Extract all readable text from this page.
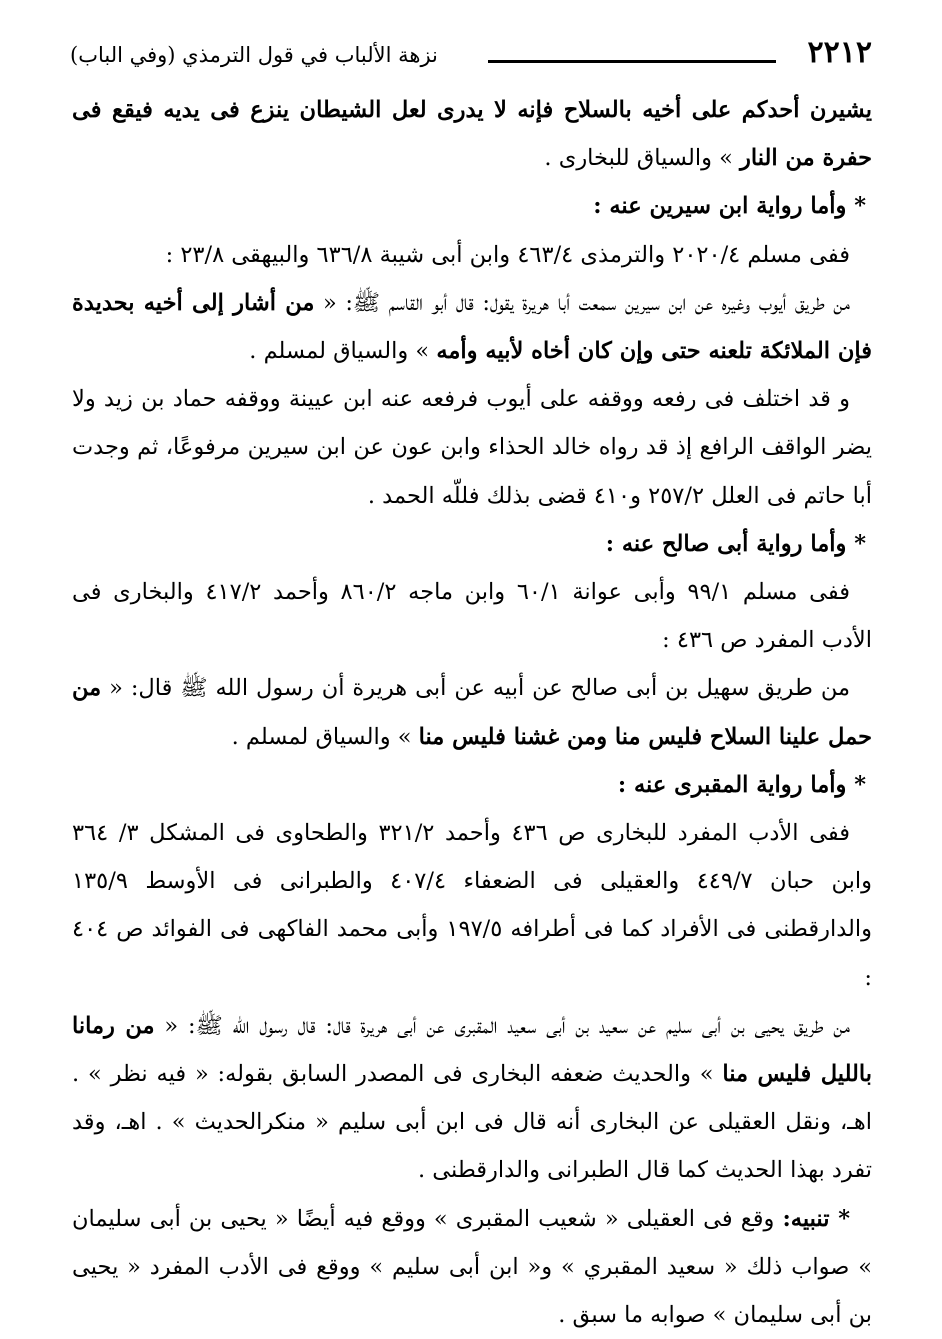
٢٢١٢
نزهة الألباب في قول الترمذي (وفي الباب)

يشيرن أحدكم على أخيه بالسلاح فإنه لا يدرى لعل الشيطان ينزع فى يديه فيقع فى حفرة من النار » والسياق للبخارى .

* وأما رواية ابن سيرين عنه :

ففى مسلم ٢٠٢٠/٤ والترمذى ٤٦٣/٤ وابن أبى شيبة ٦٣٦/٨ والبيهقى ٢٣/٨ :

من طريق أيوب وغيره عن ابن سيرين سمعت أبا هريرة يقول: قال أبو القاسم ﷺ: « من أشار إلى أخيه بحديدة فإن الملائكة تلعنه حتى وإن كان أخاه لأبيه وأمه » والسياق لمسلم .

و قد اختلف فى رفعه ووقفه على أيوب فرفعه عنه ابن عيينة ووقفه حماد بن زيد ولا يضر الواقف الرافع إذ قد رواه خالد الحذاء وابن عون عن ابن سيرين مرفوعًا، ثم وجدت أبا حاتم فى العلل ٢٥٧/٢ و٤١٠ قضى بذلك فللّه الحمد .

* وأما رواية أبى صالح عنه :

ففى مسلم ٩٩/١ وأبى عوانة ٦٠/١ وابن ماجه ٨٦٠/٢ وأحمد ٤١٧/٢ والبخارى فى الأدب المفرد ص ٤٣٦ :

من طريق سهيل بن أبى صالح عن أبيه عن أبى هريرة أن رسول الله ﷺ قال: « من حمل علينا السلاح فليس منا ومن غشنا فليس منا » والسياق لمسلم .

* وأما رواية المقبرى عنه :

ففى الأدب المفرد للبخارى ص ٤٣٦ وأحمد ٣٢١/٢ والطحاوى فى المشكل ٣/ ٣٦٤ وابن حبان ٤٤٩/٧ والعقيلى فى الضعفاء ٤٠٧/٤ والطبرانى فى الأوسط ١٣٥/٩ والدارقطنى فى الأفراد كما فى أطرافه ١٩٧/٥ وأبى محمد الفاكهى فى الفوائد ص ٤٠٤ :

من طريق يحيى بن أبى سليم عن سعيد بن أبى سعيد المقبرى عن أبى هريرة قال: قال رسول الله ﷺ: « من رمانا بالليل فليس منا » والحديث ضعفه البخارى فى المصدر السابق بقوله: « فيه نظر » . اهـ، ونقل العقيلى عن البخارى أنه قال فى ابن أبى سليم « منكرالحديث » . اهـ، وقد تفرد بهذا الحديث كما قال الطبرانى والدارقطنى .

* تنبيه: وقع فى العقيلى « شعيب المقبرى » ووقع فيه أيضًا « يحيى بن أبى سليمان » صواب ذلك « سعيد المقبري » و« ابن أبى سليم » ووقع فى الأدب المفرد « يحيى بن أبى سليمان » صوابه ما سبق .
